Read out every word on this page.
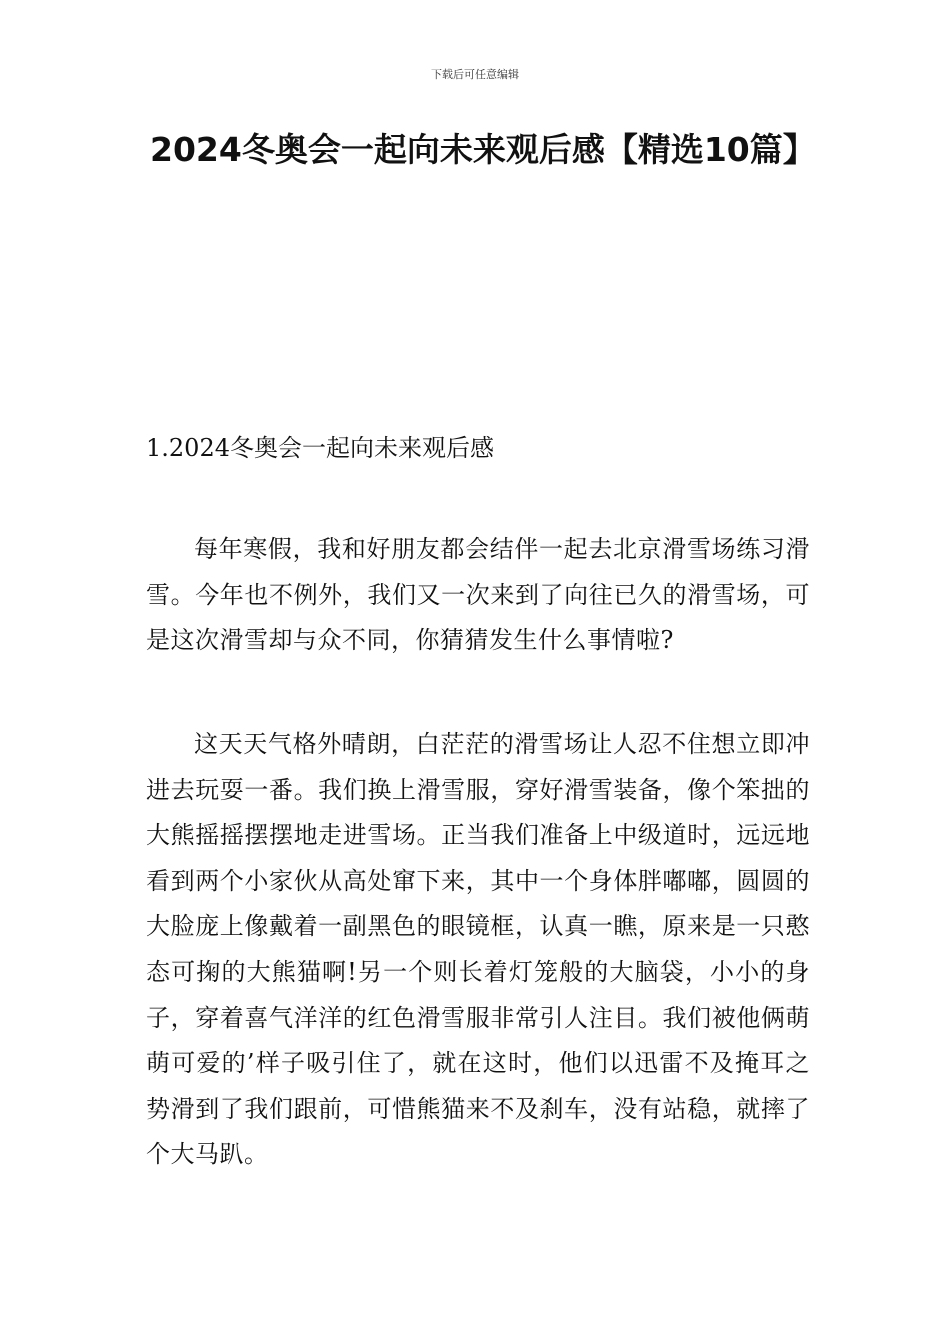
下载后可任意编辑
2024冬奥会一起向未来观后感【精选10篇】
1.2024冬奥会一起向未来观后感

每年寒假，我和好朋友都会结伴一起去北京滑雪场练习滑雪。今年也不例外，我们又一次来到了向往已久的滑雪场，可是这次滑雪却与众不同，你猜猜发生什么事情啦?

这天天气格外晴朗，白茫茫的滑雪场让人忍不住想立即冲进去玩耍一番。我们换上滑雪服，穿好滑雪装备，像个笨拙的大熊摇摇摆摆地走进雪场。正当我们准备上中级道时，远远地看到两个小家伙从高处窜下来，其中一个身体胖嘟嘟，圆圆的大脸庞上像戴着一副黑色的眼镜框，认真一瞧，原来是一只憨态可掬的大熊猫啊!另一个则长着灯笼般的大脑袋，小小的身子，穿着喜气洋洋的红色滑雪服非常引人注目。我们被他俩萌萌可爱的’样子吸引住了，就在这时，他们以迅雷不及掩耳之势滑到了我们跟前，可惜熊猫来不及刹车，没有站稳，就摔了个大马趴。
